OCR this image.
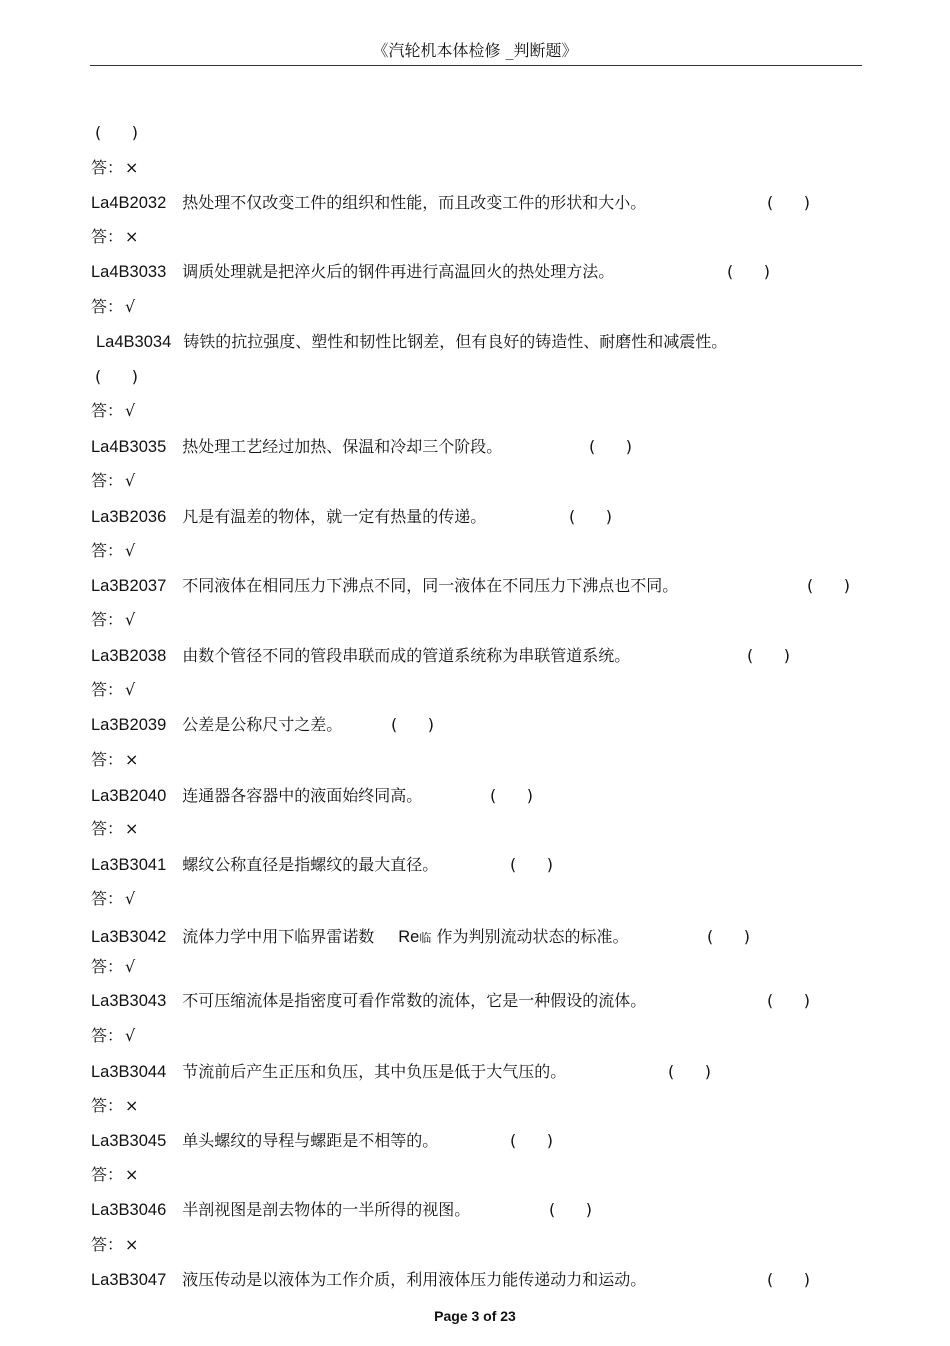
《汽轮机本体检修 _判断题》
(      )
答： ×
La4B2032 热处理不仅改变工件的组织和性能，而且改变工件的形状和大小。	(      )
答： ×
La4B3033 调质处理就是把淬火后的钢件再进行高温回火的热处理方法。	(      )
答： √
La4B3034 铸铁的抗拉强度、塑性和韧性比钢差，但有良好的铸造性、耐磨性和减震性。
(      )
答： √
La4B3035 热处理工艺经过加热、保温和冷却三个阶段。	(      )
答： √
La3B2036 凡是有温差的物体，就一定有热量的传递。	(      )
答： √
La3B2037 不同液体在相同压力下沸点不同，同一液体在不同压力下沸点也不同。	(      )
答： √
La3B2038 由数个管径不同的管段串联而成的管道系统称为串联管道系统。	(      )
答： √
La3B2039 公差是公称尺寸之差。	(      )
答： ×
La3B2040 连通器各容器中的液面始终同高。	(      )
答： ×
La3B3041 螺纹公称直径是指螺纹的最大直径。	(      )
答： √
La3B3042 流体力学中用下临界雷诺数 Re临 作为判别流动状态的标准。	(      )
答： √
La3B3043 不可压缩流体是指密度可看作常数的流体，它是一种假设的流体。	(      )
答： √
La3B3044 节流前后产生正压和负压，其中负压是低于大气压的。	(      )
答： ×
La3B3045 单头螺纹的导程与螺距是不相等的。	(      )
答： ×
La3B3046 半剖视图是剖去物体的一半所得的视图。	(      )
答： ×
La3B3047 液压传动是以液体为工作介质，利用液体压力能传递动力和运动。	(      )
Page 3 of 23
